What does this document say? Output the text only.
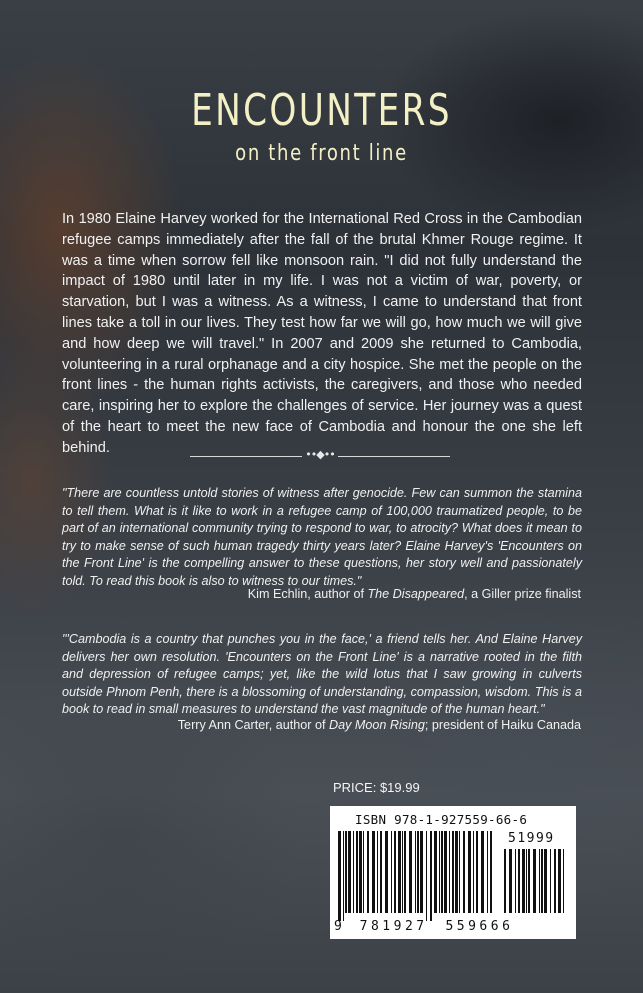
ENCOUNTERS
on the front line

In 1980 Elaine Harvey worked for the International Red Cross in the Cambodian refugee camps immediately after the fall of the brutal Khmer Rouge regime. It was a time when sorrow fell like monsoon rain. "I did not fully understand the impact of 1980 until later in my life. I was not a victim of war, poverty, or starvation, but I was a witness. As a witness, I came to understand that front lines take a toll in our lives. They test how far we will go, how much we will give and how deep we will travel." In 2007 and 2009 she returned to Cambodia, volunteering in a rural orphanage and a city hospice. She met the people on the front lines - the human rights activists, the caregivers, and those who needed care, inspiring her to explore the challenges of service. Her journey was a quest of the heart to meet the new face of Cambodia and honour the one she left behind.	••◆••

"There are countless untold stories of witness after genocide. Few can summon the stamina to tell them. What is it like to work in a refugee camp of 100,000 traumatized people, to be part of an international community trying to respond to war, to atrocity? What does it mean to try to make sense of such human tragedy thirty years later? Elaine Harvey's 'Encounters on the Front Line' is the compelling answer to these questions, her story well and passionately told. To read this book is also to witness to our times."

Kim Echlin, author of The Disappeared, a Giller prize finalist

"'Cambodia is a country that punches you in the face,' a friend tells her. And Elaine Harvey delivers her own resolution. 'Encounters on the Front Line' is a narrative rooted in the filth and depression of refugee camps; yet, like the wild lotus that I saw growing in culverts outside Phnom Penh, there is a blossoming of understanding, compassion, wisdom. This is a book to read in small measures to understand the vast magnitude of the human heart."

Terry Ann Carter, author of Day Moon Rising; president of Haiku Canada

PRICE: $19.99
ISBN 978-1-927559-66-6
51999
9 781927 559666
